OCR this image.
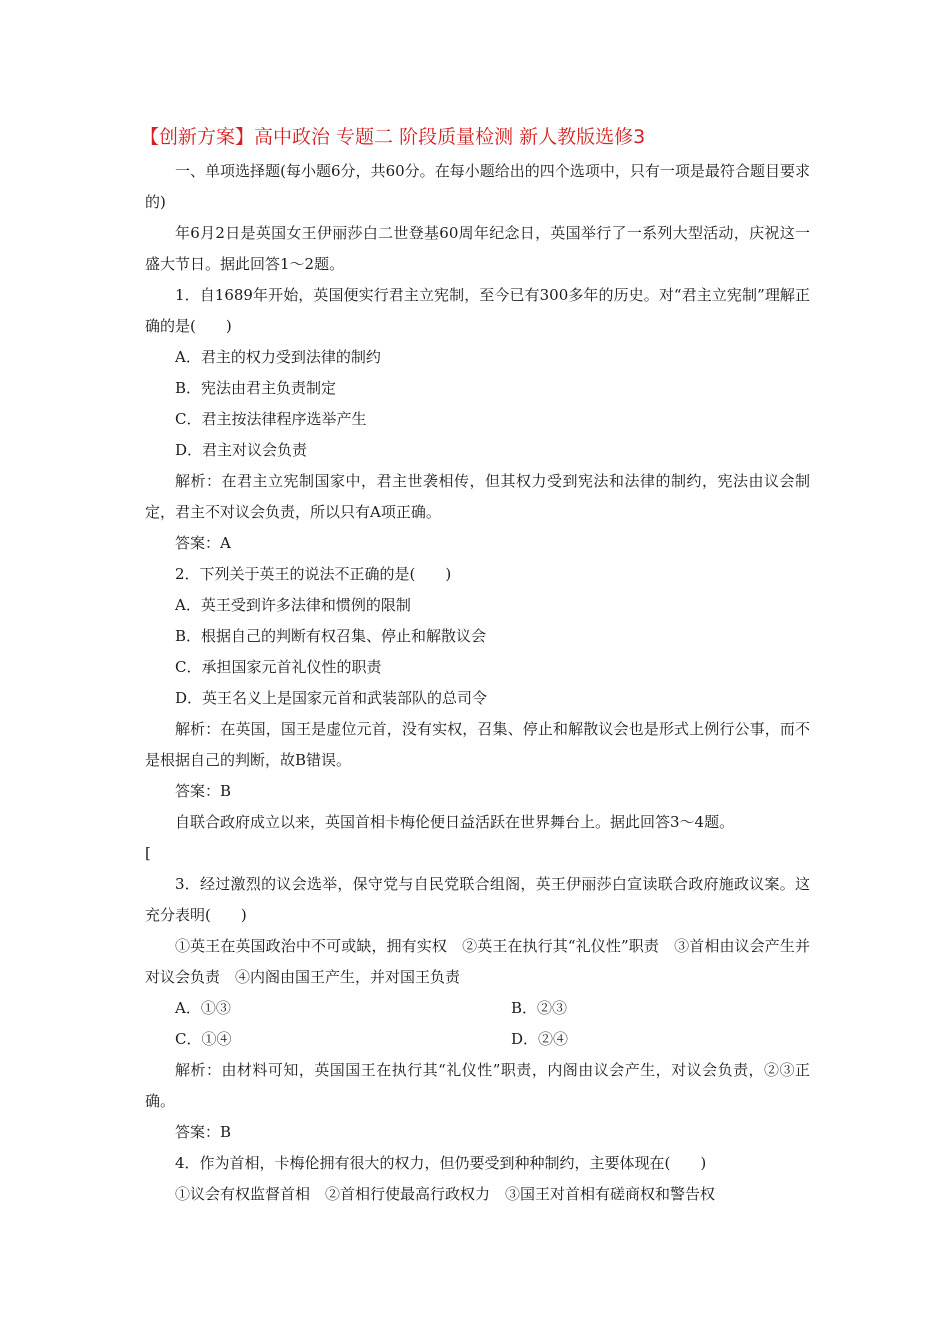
【创新方案】高中政治 专题二 阶段质量检测 新人教版选修3

一、单项选择题(每小题6分，共60分。在每小题给出的四个选项中，只有一项是最符合题目要求的)

年6月2日是英国女王伊丽莎白二世登基60周年纪念日，英国举行了一系列大型活动，庆祝这一盛大节日。据此回答1～2题。

1．自1689年开始，英国便实行君主立宪制，至今已有300多年的历史。对“君主立宪制”理解正确的是(　　)

A．君主的权力受到法律的制约

B．宪法由君主负责制定

C．君主按法律程序选举产生

D．君主对议会负责

解析：在君主立宪制国家中，君主世袭相传，但其权力受到宪法和法律的制约，宪法由议会制定，君主不对议会负责，所以只有A项正确。

答案：A

2．下列关于英王的说法不正确的是(　　)

A．英王受到许多法律和惯例的限制

B．根据自己的判断有权召集、停止和解散议会

C．承担国家元首礼仪性的职责

D．英王名义上是国家元首和武装部队的总司令

解析：在英国，国王是虚位元首，没有实权，召集、停止和解散议会也是形式上例行公事，而不是根据自己的判断，故B错误。

答案：B

自联合政府成立以来，英国首相卡梅伦便日益活跃在世界舞台上。据此回答3～4题。

[

3．经过激烈的议会选举，保守党与自民党联合组阁，英王伊丽莎白宣读联合政府施政议案。这充分表明(　　)

①英王在英国政治中不可或缺，拥有实权　②英王在执行其“礼仪性”职责　③首相由议会产生并对议会负责　④内阁由国王产生，并对国王负责

A．①③	B．②③
C．①④	D．②④

解析：由材料可知，英国国王在执行其“礼仪性”职责，内阁由议会产生，对议会负责，②③正确。

答案：B

4．作为首相，卡梅伦拥有很大的权力，但仍要受到种种制约，主要体现在(　　)

①议会有权监督首相　②首相行使最高行政权力　③国王对首相有磋商权和警告权
